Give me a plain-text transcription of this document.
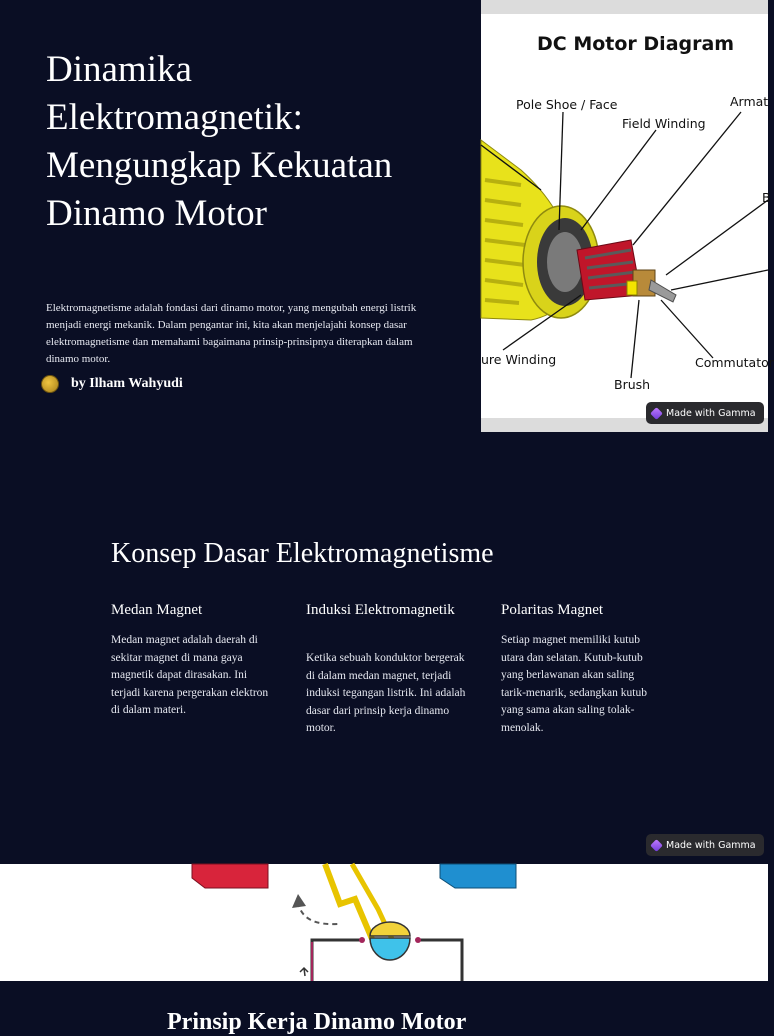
Dinamika Elektromagnetik: Mengungkap Kekuatan Dinamo Motor

Elektromagnetisme adalah fondasi dari dinamo motor, yang mengubah energi listrik menjadi energi mekanik. Dalam pengantar ini, kita akan menjelajahi konsep dasar elektromagnetisme dan memahami bagaimana prinsip-prinsipnya diterapkan dalam dinamo motor.

by Ilham Wahyudi
DC Motor Diagram
Pole Shoe / Face	Armat
Field Winding
B
ure Winding	Commutator
Brush
Made with Gamma
Konsep Dasar Elektromagnetisme
Medan Magnet

Medan magnet adalah daerah di sekitar magnet di mana gaya magnetik dapat dirasakan. Ini terjadi karena pergerakan elektron di dalam materi.

Induksi Elektromagnetik

Ketika sebuah konduktor bergerak di dalam medan magnet, terjadi induksi tegangan listrik. Ini adalah dasar dari prinsip kerja dinamo motor.

Polaritas Magnet

Setiap magnet memiliki kutub utara dan selatan. Kutub-kutub yang berlawanan akan saling tarik-menarik, sedangkan kutub yang sama akan saling tolak-menolak.

Made with Gamma
Prinsip Kerja Dinamo Motor
